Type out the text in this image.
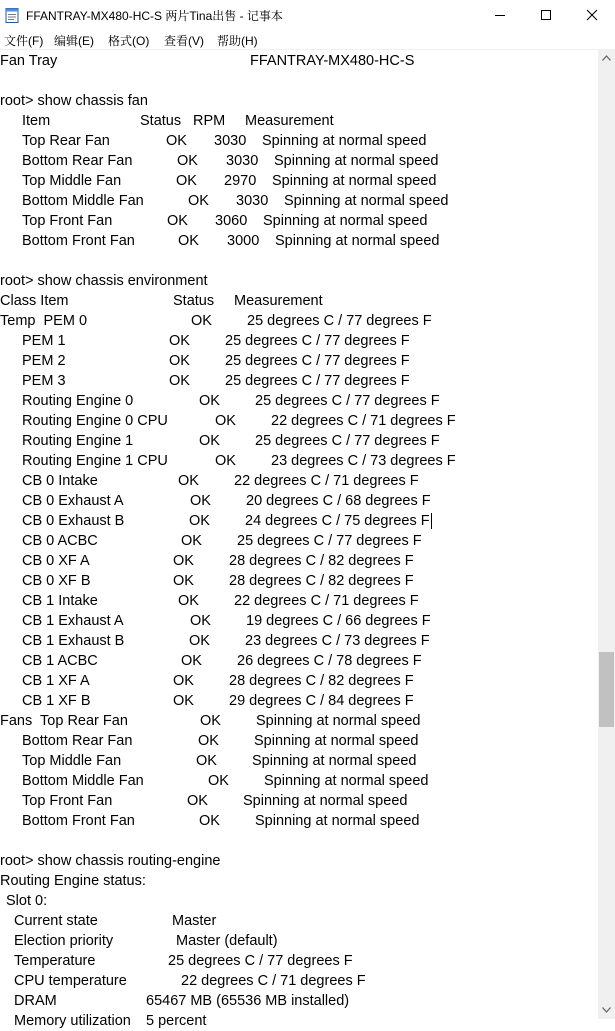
FFANTRAY-MX480-HC-S 两片Tina出售 - 记事本
文件(F) 编辑(E) 格式(O) 查看(V) 帮助(H)
Fan Tray	FFANTRAY-MX480-HC-S
root> show chassis fan
Item	Status RPM Measurement
Top Rear Fan	OK 3030 Spinning at normal speed
Bottom Rear Fan	OK 3030 Spinning at normal speed
Top Middle Fan	OK 2970 Spinning at normal speed
Bottom Middle Fan	OK 3030 Spinning at normal speed
Top Front Fan	OK 3060 Spinning at normal speed
Bottom Front Fan	OK 3000 Spinning at normal speed
root> show chassis environment
Class Item	Status Measurement
Temp  PEM 0	OK 25 degrees C / 77 degrees F
PEM 1	OK 25 degrees C / 77 degrees F
PEM 2	OK 25 degrees C / 77 degrees F
PEM 3	OK 25 degrees C / 77 degrees F
Routing Engine 0	OK 25 degrees C / 77 degrees F
Routing Engine 0 CPU	OK 22 degrees C / 71 degrees F
Routing Engine 1	OK 25 degrees C / 77 degrees F
Routing Engine 1 CPU	OK 23 degrees C / 73 degrees F
CB 0 Intake	OK 22 degrees C / 71 degrees F
CB 0 Exhaust A	OK 20 degrees C / 68 degrees F
CB 0 Exhaust B	OK 24 degrees C / 75 degrees F
CB 0 ACBC	OK 25 degrees C / 77 degrees F
CB 0 XF A	OK 28 degrees C / 82 degrees F
CB 0 XF B	OK 28 degrees C / 82 degrees F
CB 1 Intake	OK 22 degrees C / 71 degrees F
CB 1 Exhaust A	OK 19 degrees C / 66 degrees F
CB 1 Exhaust B	OK 23 degrees C / 73 degrees F
CB 1 ACBC	OK 26 degrees C / 78 degrees F
CB 1 XF A	OK 28 degrees C / 82 degrees F
CB 1 XF B	OK 29 degrees C / 84 degrees F
Fans  Top Rear Fan	OK Spinning at normal speed
Bottom Rear Fan	OK Spinning at normal speed
Top Middle Fan	OK Spinning at normal speed
Bottom Middle Fan	OK Spinning at normal speed
Top Front Fan	OK Spinning at normal speed
Bottom Front Fan	OK Spinning at normal speed
root> show chassis routing-engine
Routing Engine status:
Slot 0:
Current state	Master
Election priority	Master (default)
Temperature	25 degrees C / 77 degrees F
CPU temperature	22 degrees C / 71 degrees F
DRAM	65467 MB (65536 MB installed)
Memory utilization 5 percent
